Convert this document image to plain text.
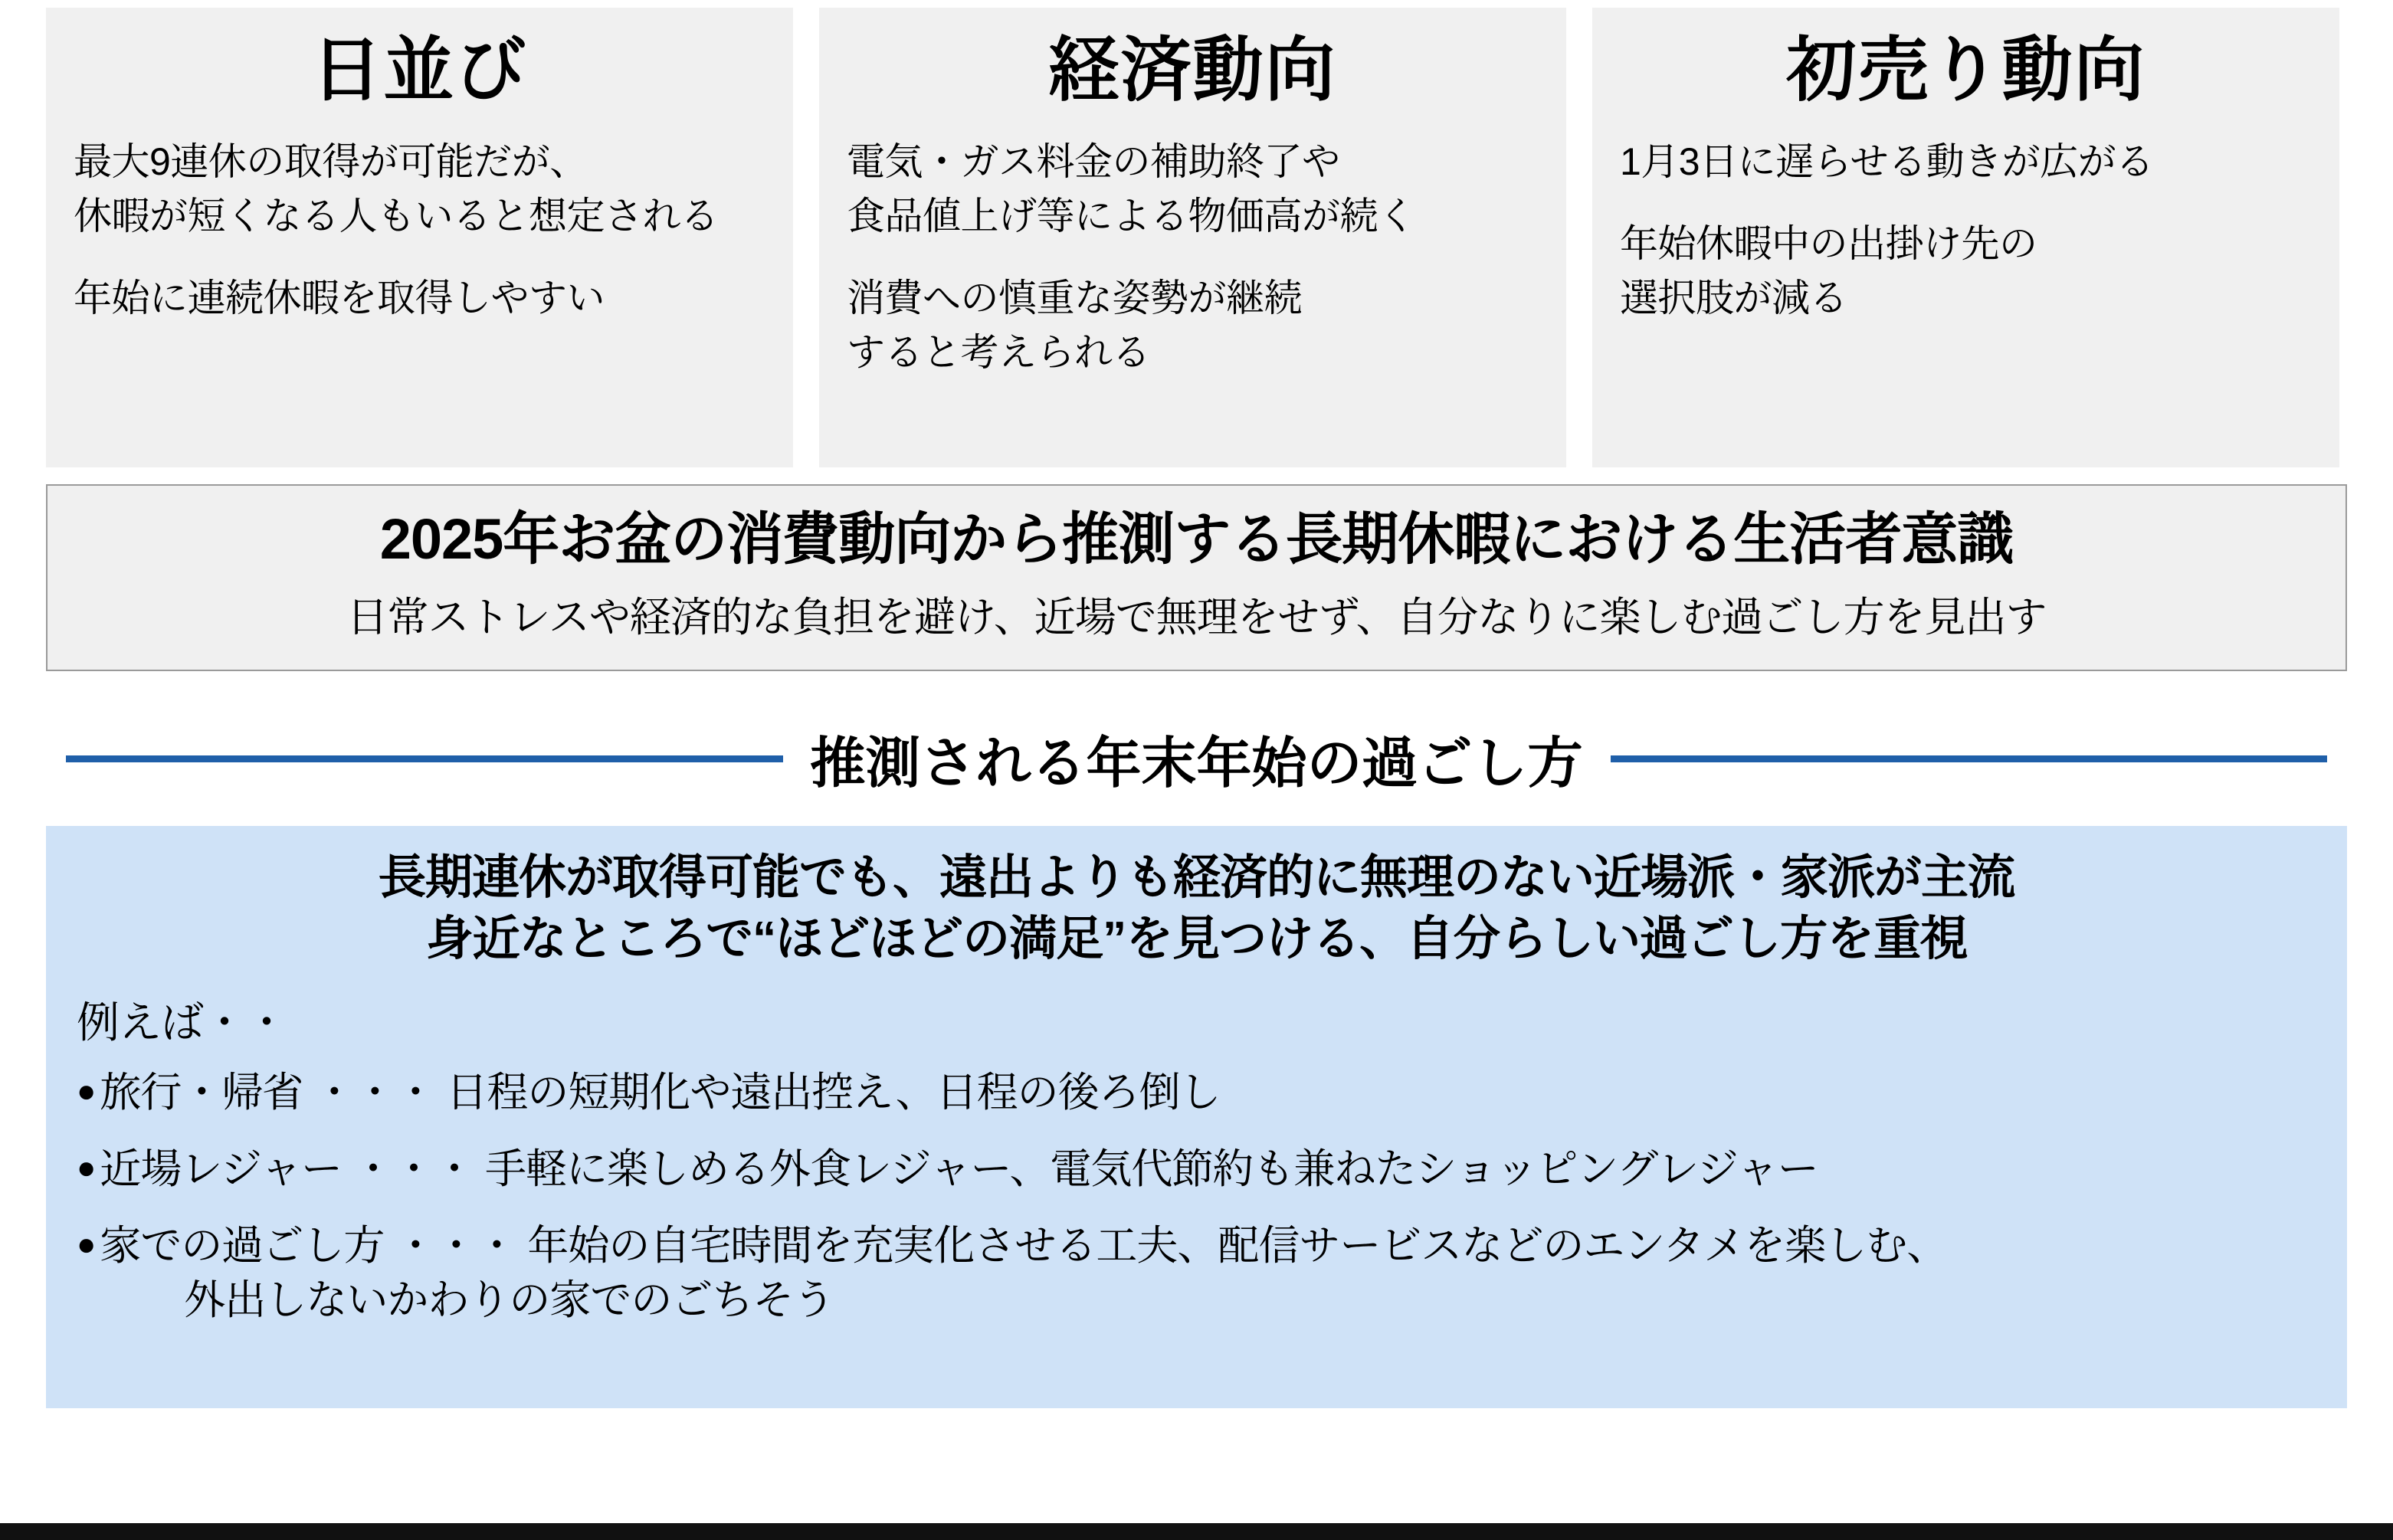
日並び
最大9連休の取得が可能だが、
休暇が短くなる人もいると想定される
年始に連続休暇を取得しやすい
経済動向
電気・ガス料金の補助終了や
食品値上げ等による物価高が続く
消費への慎重な姿勢が継続
すると考えられる
初売り動向
1月3日に遅らせる動きが広がる
年始休暇中の出掛け先の
選択肢が減る
2025年お盆の消費動向から推測する長期休暇における生活者意識
日常ストレスや経済的な負担を避け、近場で無理をせず、自分なりに楽しむ過ごし方を見出す
推測される年末年始の過ごし方
長期連休が取得可能でも、遠出よりも経済的に無理のない近場派・家派が主流
身近なところで“ほどほどの満足”を見つける、自分らしい過ごし方を重視
例えば・・
● 旅行・帰省 ・・・ 日程の短期化や遠出控え、日程の後ろ倒し
● 近場レジャー ・・・ 手軽に楽しめる外食レジャー、電気代節約も兼ねたショッピングレジャー
● 家での過ごし方 ・・・ 年始の自宅時間を充実化させる工夫、配信サービスなどのエンタメを楽しむ、
外出しないかわりの家でのごちそう
